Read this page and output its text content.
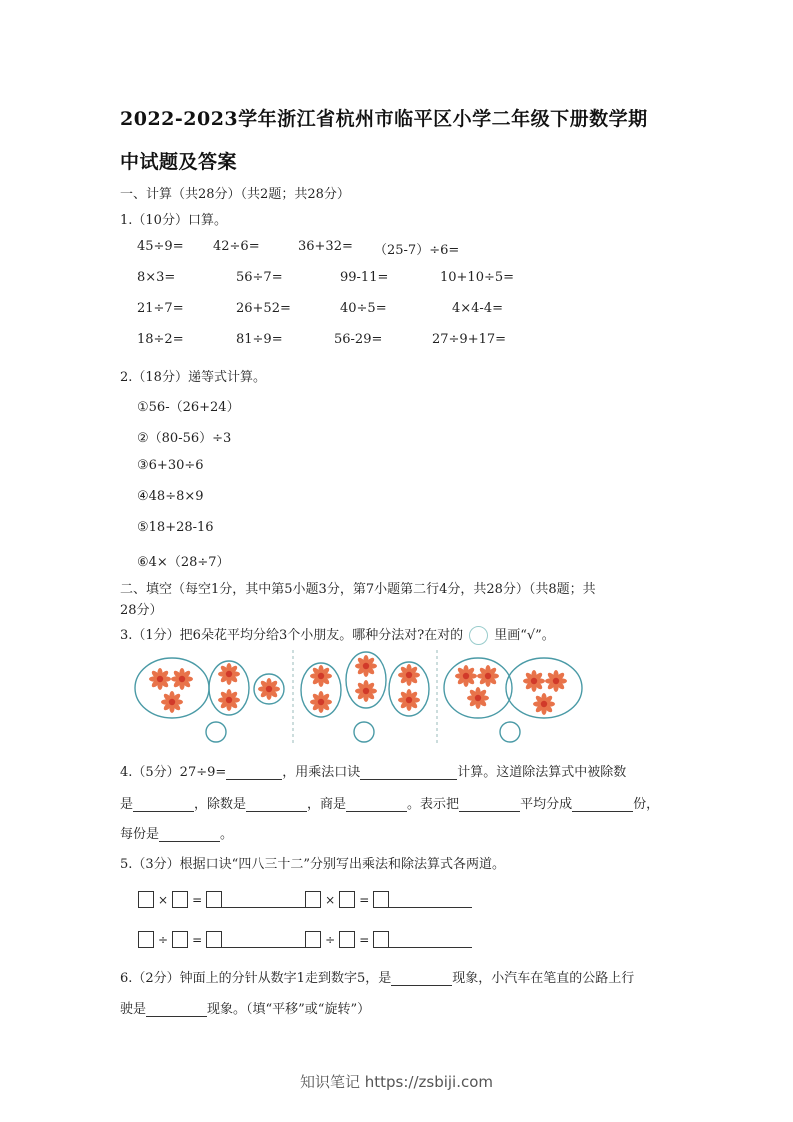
2022-2023学年浙江省杭州市临平区小学二年级下册数学期
中试题及答案
一、计算（共28分）（共2题；共28分）
1.（10分）口算。
45÷9= 42÷6=	36+32= （25-7）÷6=
8×3=	56÷7=	99-11=	10+10÷5=
21÷7=	26+52=	40÷5=	4×4-4=
18÷2=	81÷9=	56-29=	27÷9+17=
2.（18分）递等式计算。
①56-（26+24）
②（80-56）÷3
③6+30÷6
④48÷8×9
⑤18+28-16
⑥4×（28÷7）
二、填空（每空1分，其中第5小题3分，第7小题第二行4分，共28分）（共8题；共
28分）
3.（1分）把6朵花平均分给3个小朋友。哪种分法对?在对的 里画“√”。
4.（5分）27÷9=	，用乘法口诀	计算。这道除法算式中被除数
是	，除数是	，商是	。表示把	平均分成	份，
每份是	。
5.（3分）根据口诀“四八三十二”分别写出乘法和除法算式各两道。
× =	× =
÷ =	÷ =
6.（2分）钟面上的分针从数字1走到数字5，是	现象，小汽车在笔直的公路上行
驶是	现象。（填“平移”或“旋转”）
知识笔记 https://zsbiji.com
